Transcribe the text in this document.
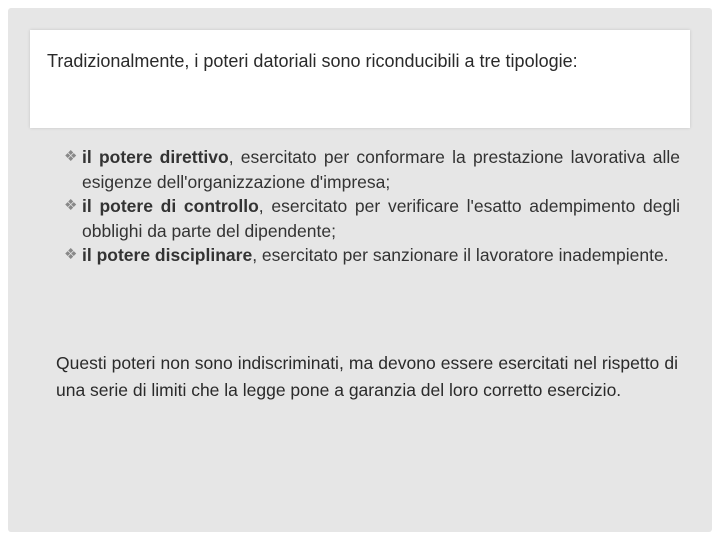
Tradizionalmente, i poteri datoriali sono riconducibili a tre tipologie:
❖ il potere direttivo, esercitato per conformare la prestazione lavorativa alle esigenze dell'organizzazione d'impresa;
❖ il potere di controllo, esercitato per verificare l'esatto adempimento degli obblighi da parte del dipendente;
❖ il potere disciplinare, esercitato per sanzionare il lavoratore inadempiente.

Questi poteri non sono indiscriminati, ma devono essere esercitati nel rispetto di una serie di limiti che la legge pone a garanzia del loro corretto esercizio.
